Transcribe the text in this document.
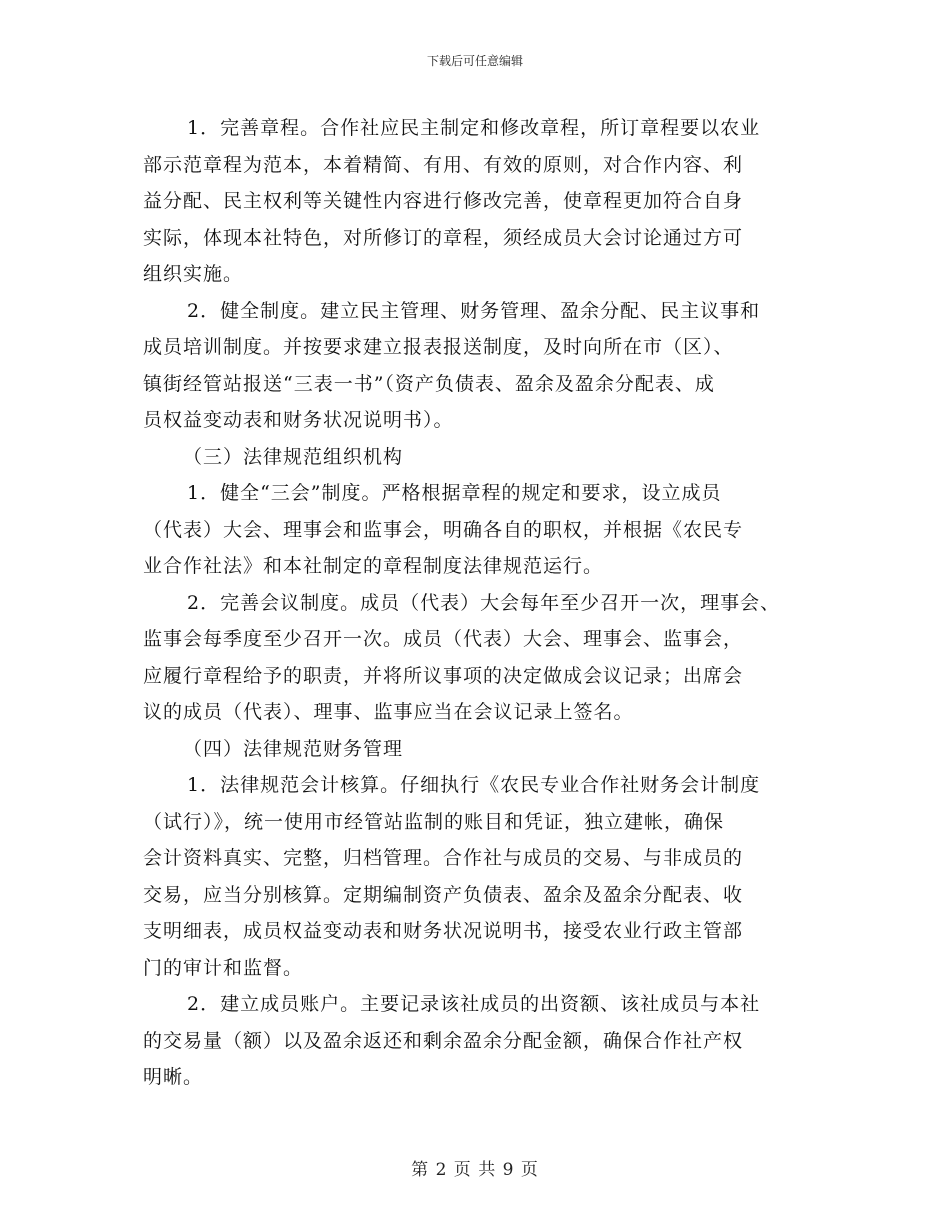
下载后可任意编辑
1．完善章程。合作社应民主制定和修改章程，所订章程要以农业
部示范章程为范本，本着精简、有用、有效的原则，对合作内容、利
益分配、民主权利等关键性内容进行修改完善，使章程更加符合自身
实际，体现本社特色，对所修订的章程，须经成员大会讨论通过方可
组织实施。
2．健全制度。建立民主管理、财务管理、盈余分配、民主议事和
成员培训制度。并按要求建立报表报送制度，及时向所在市（区）、
镇街经管站报送“三表一书”（资产负债表、盈余及盈余分配表、成
员权益变动表和财务状况说明书）。
（三）法律规范组织机构
1．健全“三会”制度。严格根据章程的规定和要求，设立成员
（代表）大会、理事会和监事会，明确各自的职权，并根据《农民专
业合作社法》和本社制定的章程制度法律规范运行。
2．完善会议制度。成员（代表）大会每年至少召开一次，理事会、
监事会每季度至少召开一次。成员（代表）大会、理事会、监事会，
应履行章程给予的职责，并将所议事项的决定做成会议记录；出席会
议的成员（代表）、理事、监事应当在会议记录上签名。
（四）法律规范财务管理
1．法律规范会计核算。仔细执行《农民专业合作社财务会计制度
（试行）》，统一使用市经管站监制的账目和凭证，独立建帐，确保
会计资料真实、完整，归档管理。合作社与成员的交易、与非成员的
交易，应当分别核算。定期编制资产负债表、盈余及盈余分配表、收
支明细表，成员权益变动表和财务状况说明书，接受农业行政主管部
门的审计和监督。
2．建立成员账户。主要记录该社成员的出资额、该社成员与本社
的交易量（额）以及盈余返还和剩余盈余分配金额，确保合作社产权
明晰。
第 2 页 共 9 页
